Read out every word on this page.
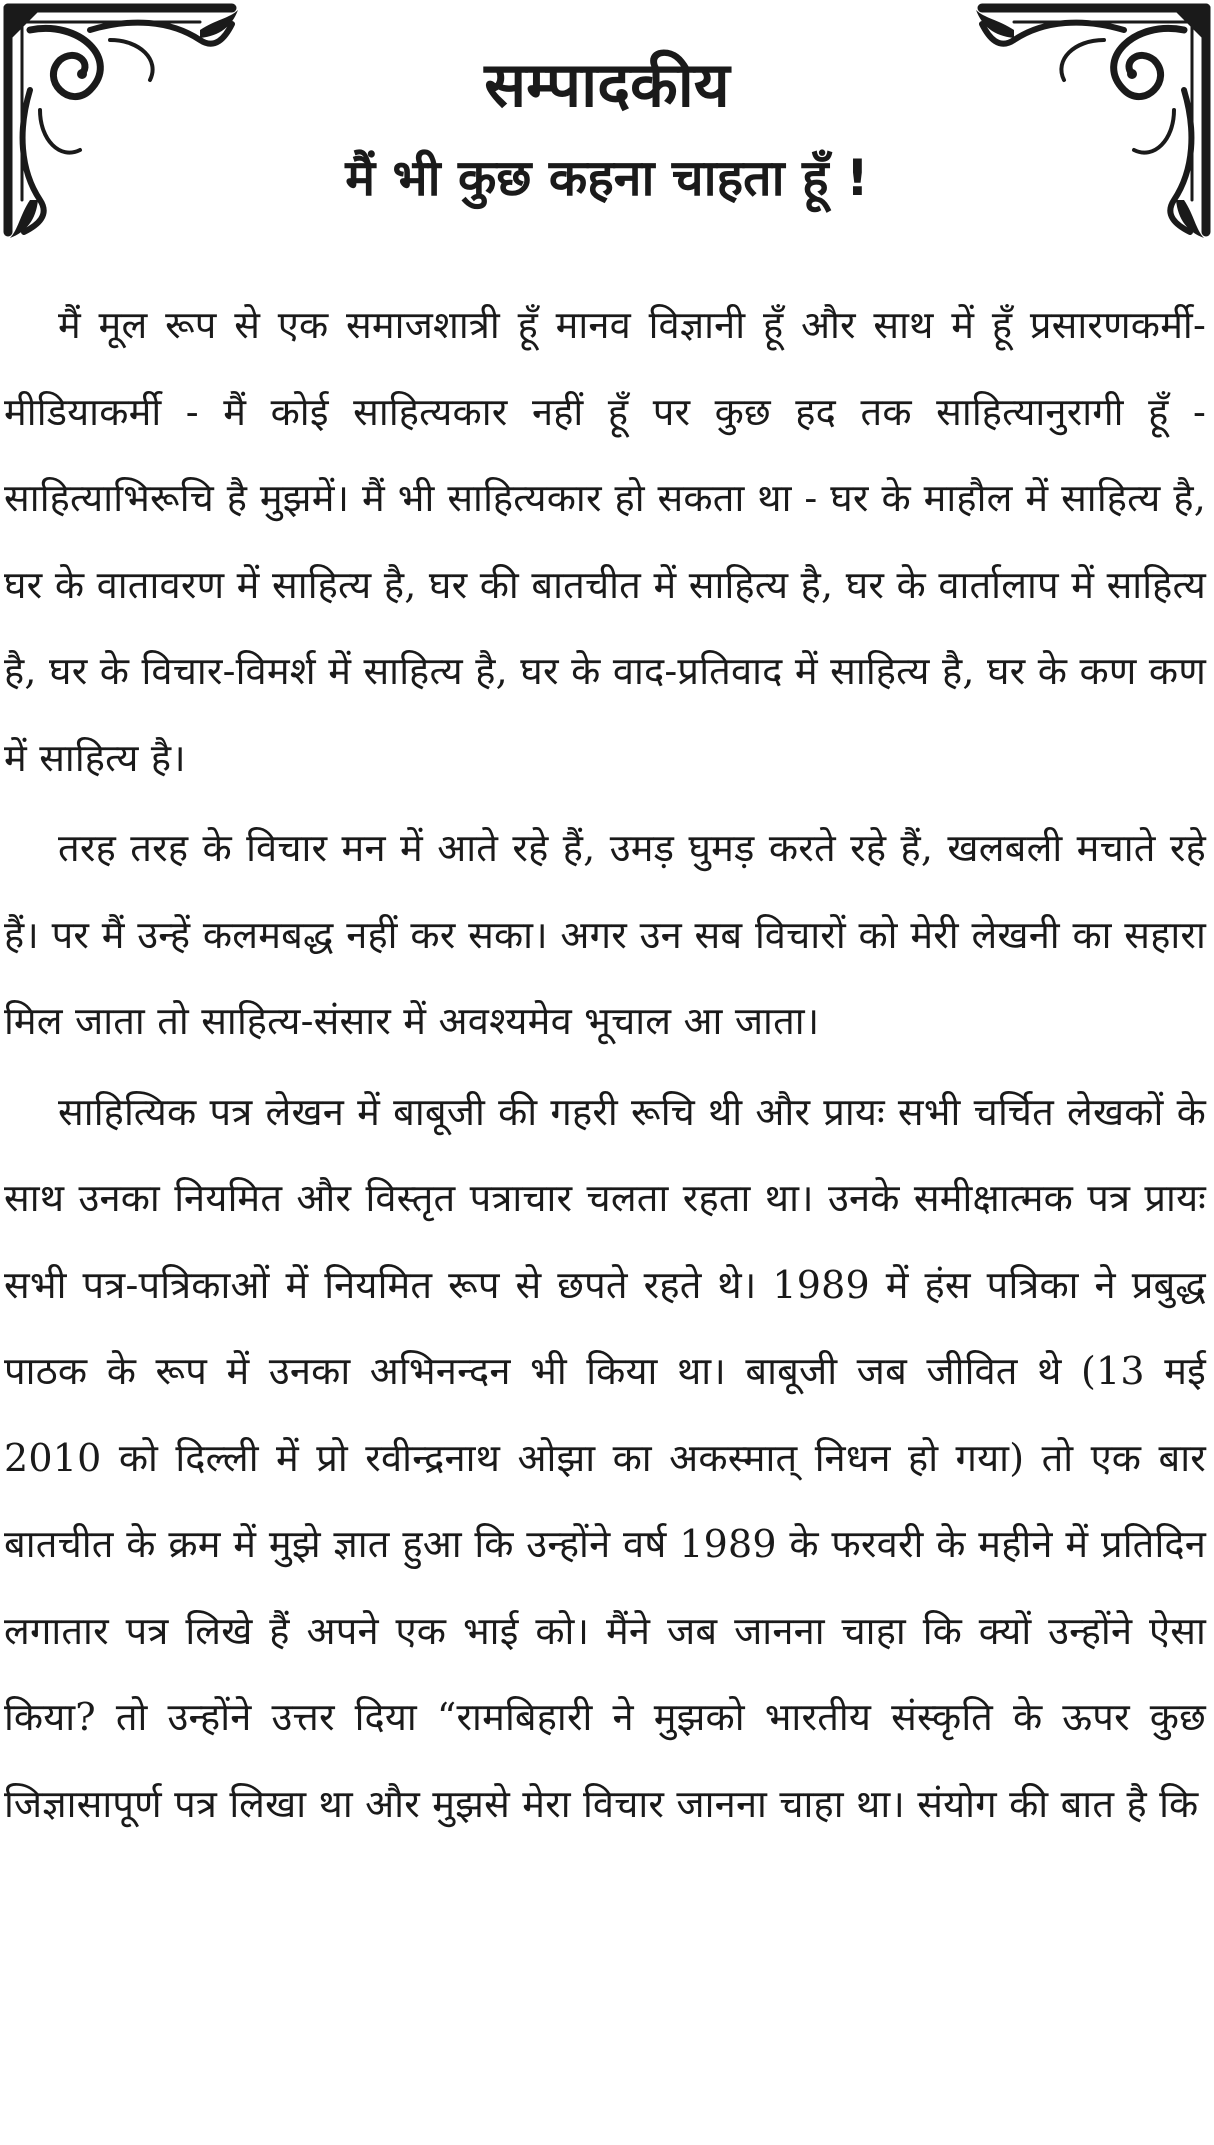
सम्पादकीय
मैं भी कुछ कहना चाहता हूँ !

मैं मूल रूप से एक समाजशात्री हूँ मानव विज्ञानी हूँ और साथ में हूँ प्रसारणकर्मी-मीडियाकर्मी - मैं कोई साहित्यकार नहीं हूँ पर कुछ हद तक साहित्यानुरागी हूँ - साहित्याभिरूचि है मुझमें। मैं भी साहित्यकार हो सकता था - घर के माहौल में साहित्य है, घर के वातावरण में साहित्य है, घर की बातचीत में साहित्य है, घर के वार्तालाप में साहित्य है, घर के विचार-विमर्श में साहित्य है, घर के वाद-प्रतिवाद में साहित्य है, घर के कण कण में साहित्य है।

तरह तरह के विचार मन में आते रहे हैं, उमड़ घुमड़ करते रहे हैं, खलबली मचाते रहे हैं। पर मैं उन्हें कलमबद्ध नहीं कर सका। अगर उन सब विचारों को मेरी लेखनी का सहारा मिल जाता तो साहित्य-संसार में अवश्यमेव भूचाल आ जाता।

साहित्यिक पत्र लेखन में बाबूजी की गहरी रूचि थी और प्रायः सभी चर्चित लेखकों के साथ उनका नियमित और विस्तृत पत्राचार चलता रहता था। उनके समीक्षात्मक पत्र प्रायः सभी पत्र-पत्रिकाओं में नियमित रूप से छपते रहते थे। 1989 में हंस पत्रिका ने प्रबुद्ध पाठक के रूप में उनका अभिनन्दन भी किया था। बाबूजी जब जीवित थे (13 मई 2010 को दिल्ली में प्रो रवीन्द्रनाथ ओझा का अकस्मात् निधन हो गया) तो एक बार बातचीत के क्रम में मुझे ज्ञात हुआ कि उन्होंने वर्ष 1989 के फरवरी के महीने में प्रतिदिन लगातार पत्र लिखे हैं अपने एक भाई को। मैंने जब जानना चाहा कि क्यों उन्होंने ऐसा किया? तो उन्होंने उत्तर दिया “रामबिहारी ने मुझको भारतीय संस्कृति के ऊपर कुछ जिज्ञासापूर्ण पत्र लिखा था और मुझसे मेरा विचार जानना चाहा था। संयोग की बात है कि
